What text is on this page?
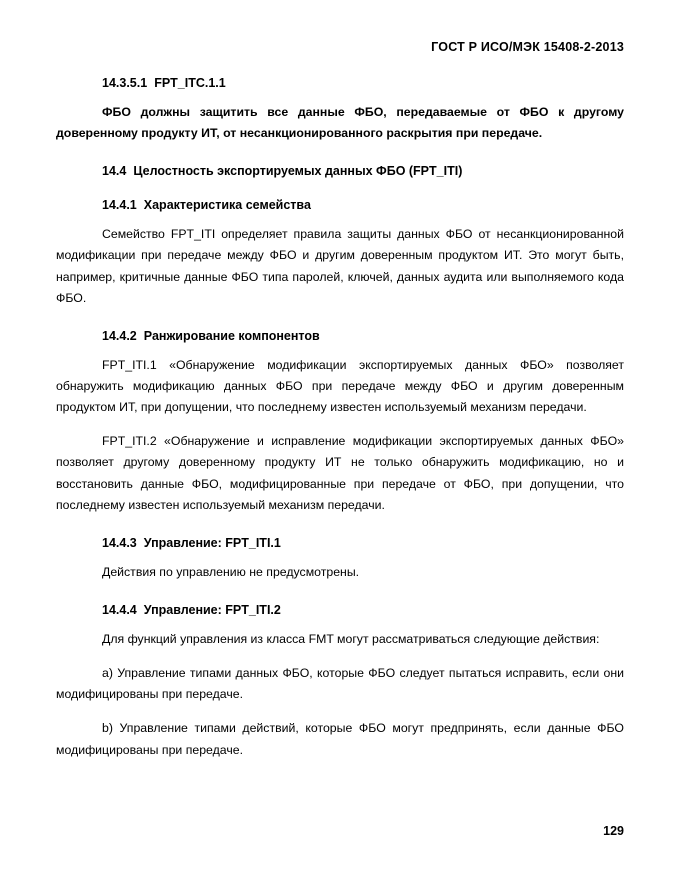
ГОСТ Р ИСО/МЭК 15408-2-2013
14.3.5.1 FPT_ITC.1.1

ФБО должны защитить все данные ФБО, передаваемые от ФБО к другому доверенному продукту ИТ, от несанкционированного раскрытия при передаче.

14.4 Целостность экспортируемых данных ФБО (FPT_ITI)
14.4.1 Характеристика семейства

Семейство FPT_ITI определяет правила защиты данных ФБО от несанкционированной модификации при передаче между ФБО и другим доверенным продуктом ИТ. Это могут быть, например, критичные данные ФБО типа паролей, ключей, данных аудита или выполняемого кода ФБО.

14.4.2 Ранжирование компонентов

FPT_ITI.1 «Обнаружение модификации экспортируемых данных ФБО» позволяет обнаружить модификацию данных ФБО при передаче между ФБО и другим доверенным продуктом ИТ, при допущении, что последнему известен используемый механизм передачи.

FPT_ITI.2 «Обнаружение и исправление модификации экспортируемых данных ФБО» позволяет другому доверенному продукту ИТ не только обнаружить модификацию, но и восстановить данные ФБО, модифицированные при передаче от ФБО, при допущении, что последнему известен используемый механизм передачи.

14.4.3 Управление: FPT_ITI.1

Действия по управлению не предусмотрены.

14.4.4 Управление: FPT_ITI.2

Для функций управления из класса FMT могут рассматриваться следующие действия:

a) Управление типами данных ФБО, которые ФБО следует пытаться исправить, если они модифицированы при передаче.

b) Управление типами действий, которые ФБО могут предпринять, если данные ФБО модифицированы при передаче.

129
